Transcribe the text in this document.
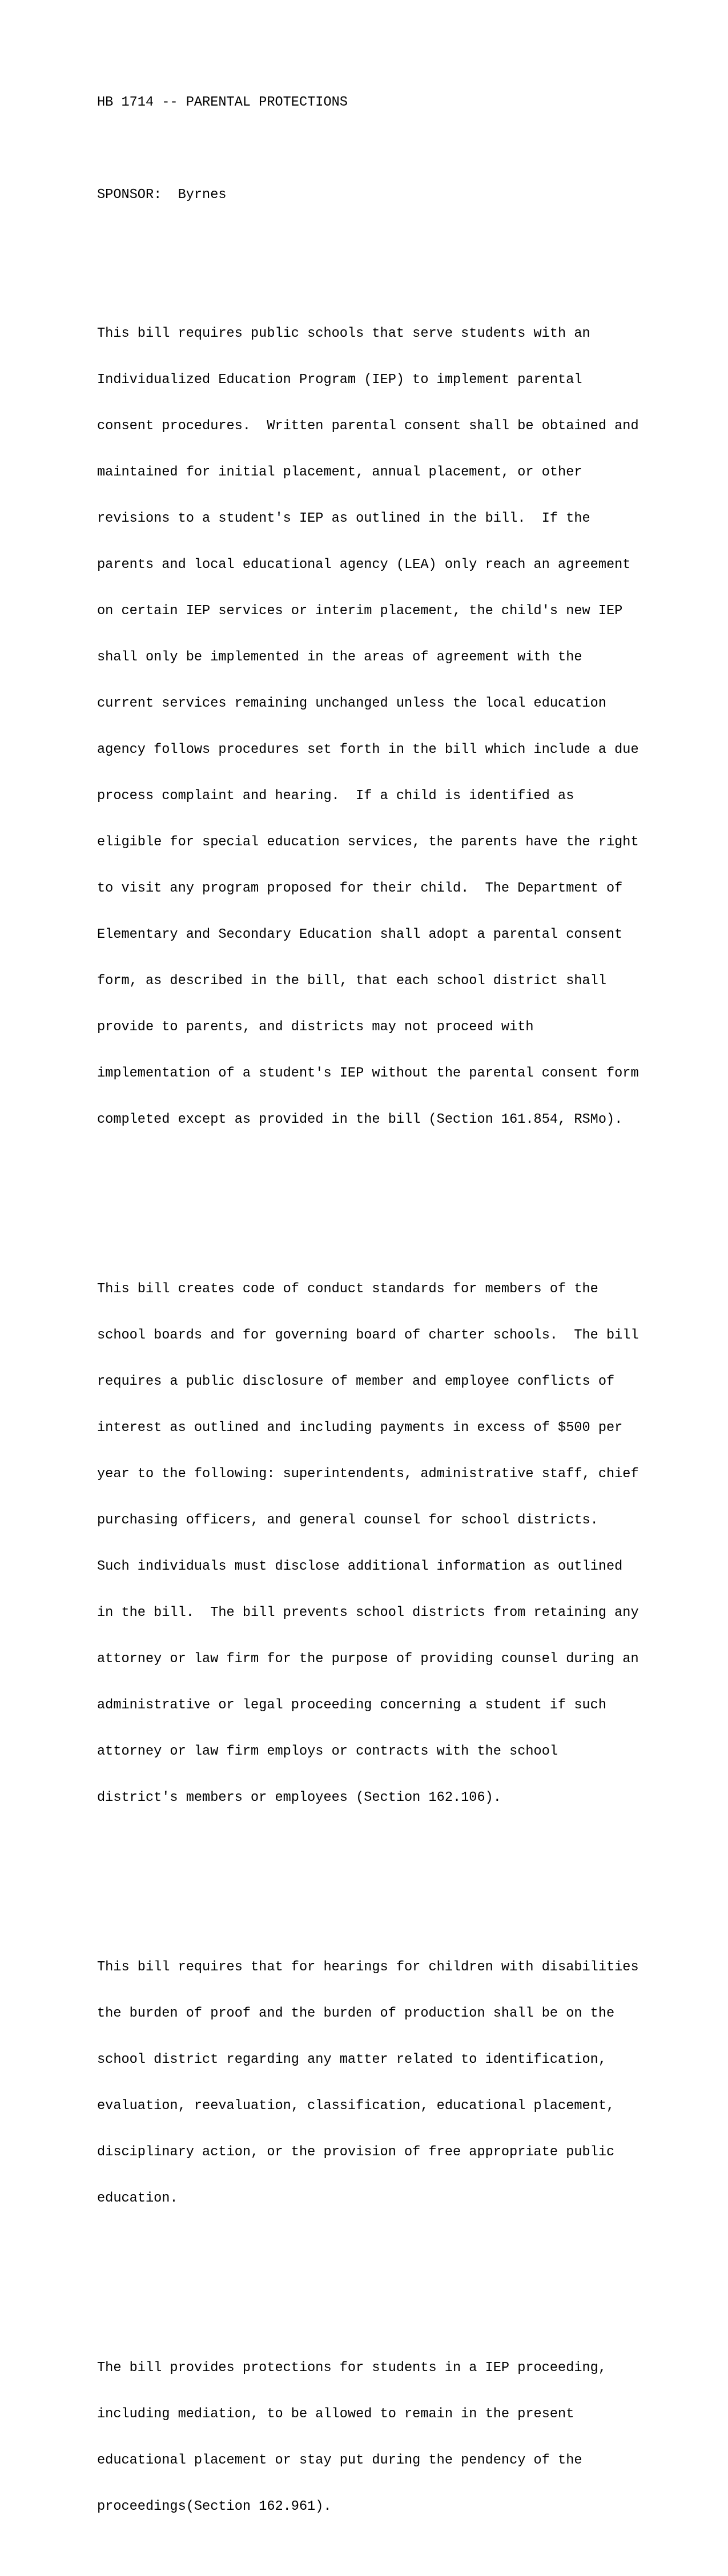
HB 1714 -- PARENTAL PROTECTIONS

SPONSOR:  Byrnes

This bill requires public schools that serve students with an

Individualized Education Program (IEP) to implement parental

consent procedures.  Written parental consent shall be obtained and

maintained for initial placement, annual placement, or other

revisions to a student's IEP as outlined in the bill.  If the

parents and local educational agency (LEA) only reach an agreement

on certain IEP services or interim placement, the child's new IEP

shall only be implemented in the areas of agreement with the

current services remaining unchanged unless the local education

agency follows procedures set forth in the bill which include a due

process complaint and hearing.  If a child is identified as

eligible for special education services, the parents have the right

to visit any program proposed for their child.  The Department of

Elementary and Secondary Education shall adopt a parental consent

form, as described in the bill, that each school district shall

provide to parents, and districts may not proceed with

implementation of a student's IEP without the parental consent form

completed except as provided in the bill (Section 161.854, RSMo).

This bill creates code of conduct standards for members of the

school boards and for governing board of charter schools.  The bill

requires a public disclosure of member and employee conflicts of

interest as outlined and including payments in excess of $500 per

year to the following: superintendents, administrative staff, chief

purchasing officers, and general counsel for school districts.

Such individuals must disclose additional information as outlined

in the bill.  The bill prevents school districts from retaining any

attorney or law firm for the purpose of providing counsel during an

administrative or legal proceeding concerning a student if such

attorney or law firm employs or contracts with the school

district's members or employees (Section 162.106).

This bill requires that for hearings for children with disabilities

the burden of proof and the burden of production shall be on the

school district regarding any matter related to identification,

evaluation, reevaluation, classification, educational placement,

disciplinary action, or the provision of free appropriate public

education.

The bill provides protections for students in a IEP proceeding,

including mediation, to be allowed to remain in the present

educational placement or stay put during the pendency of the

proceedings(Section 162.961).
